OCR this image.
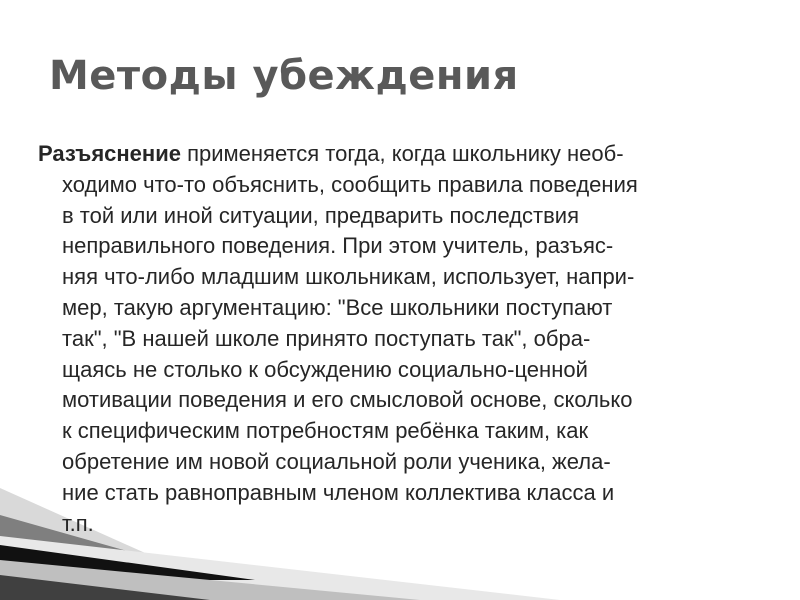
Методы убеждения
Разъяснение применяется тогда, когда школьнику необ-
ходимо что-то объяснить, сообщить правила поведения
в той или иной ситуации, предварить последствия
неправильного поведения. При этом учитель, разъяс-
няя что-либо младшим школьникам, использует, напри-
мер, такую аргументацию: "Все школьники поступают
так", "В нашей школе принято поступать так", обра-
щаясь не столько к обсуждению социально-ценной
мотивации поведения и его смысловой основе, сколько
к специфическим потребностям ребёнка таким, как
обретение им новой социальной роли ученика, жела-
ние стать равноправным членом коллектива класса и
т.п.
